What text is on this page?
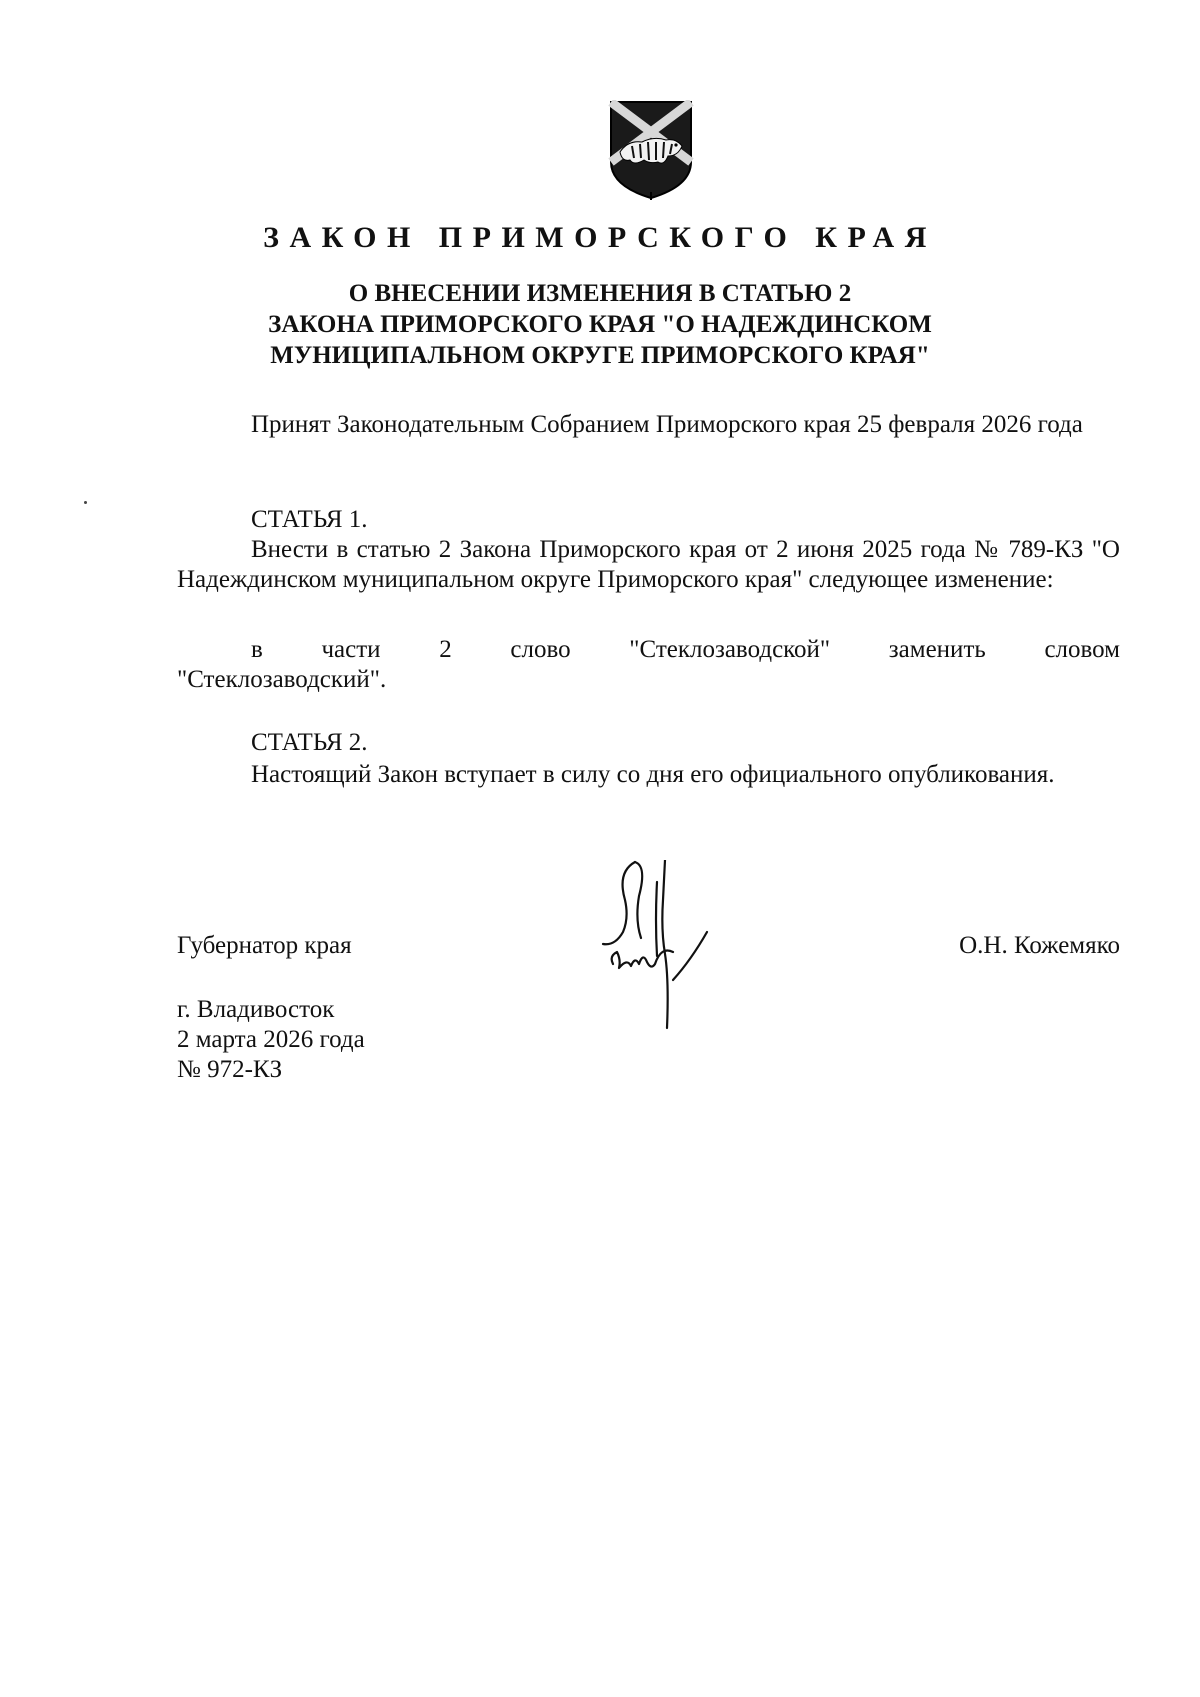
ЗАКОН ПРИМОРСКОГО КРАЯ
О ВНЕСЕНИИ ИЗМЕНЕНИЯ В СТАТЬЮ 2
ЗАКОНА ПРИМОРСКОГО КРАЯ "О НАДЕЖДИНСКОМ
МУНИЦИПАЛЬНОМ ОКРУГЕ ПРИМОРСКОГО КРАЯ"

Принят Законодательным Собранием Приморского края 25 февраля 2026 года

СТАТЬЯ 1.

Внести в статью 2 Закона Приморского края от 2 июня 2025 года № 789-КЗ "О Надеждинском муниципальном округе Приморского края" следующее изменение:

в части 2 слово "Стеклозаводской" заменить словом

"Стеклозаводский".

СТАТЬЯ 2.

Настоящий Закон вступает в силу со дня его официального опубликования.

Губернатор края	О.Н. Кожемяко
г. Владивосток
2 марта 2026 года
№ 972-КЗ
